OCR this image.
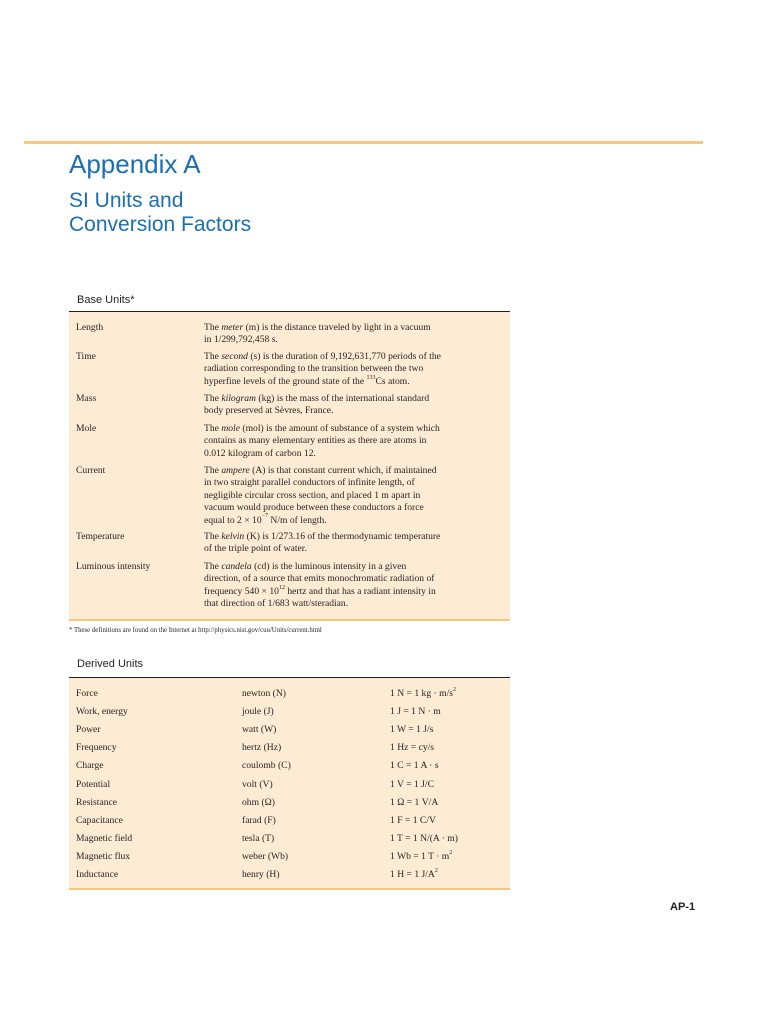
Appendix A
SI Units and
Conversion Factors
Base Units*
Length	The meter (m) is the distance traveled by light in a vacuum
in 1/299,792,458 s.
Time	The second (s) is the duration of 9,192,631,770 periods of the
radiation corresponding to the transition between the two
hyperfine levels of the ground state of the $^{133}$Cs atom.
Mass	The kilogram (kg) is the mass of the international standard
body preserved at Sèvres, France.
Mole	The mole (mol) is the amount of substance of a system which
contains as many elementary entities as there are atoms in
0.012 kilogram of carbon 12.
Current	The ampere (A) is that constant current which, if maintained
in two straight parallel conductors of infinite length, of
negligible circular cross section, and placed 1 m apart in
vacuum would produce between these conductors a force
equal to $2 \times 10^{-7}$ N/m of length.
Temperature	The kelvin (K) is 1/273.16 of the thermodynamic temperature
of the triple point of water.
Luminous intensity	The candela (cd) is the luminous intensity in a given
direction, of a source that emits monochromatic radiation of
frequency $540 \times 10^{12}$ hertz and that has a radiant intensity in
that direction of 1/683 watt/steradian.
* These definitions are found on the Internet at http://physics.nist.gov/cuu/Units/current.html
Derived Units
Force	newton (N)	1 N = 1 kg · $m/s^2$
Work, energy	joule (J)	1 J = 1 N · m
Power	watt (W)	1 W = 1 J/s
Frequency	hertz (Hz)	1 Hz = cy/s
Charge	coulomb (C)	1 C = 1 A · s
Potential	volt (V)	1 V = 1 J/C
Resistance	ohm (Ω)	1 Ω = 1 V/A
Capacitance	farad (F)	1 F = 1 C/V
Magnetic field	tesla (T)	1 T = 1 N/(A · m)
Magnetic flux	weber (Wb)	1 Wb = 1 $T \cdot m^2$
Inductance	henry (H)	1 H = 1 $J/A^2$
AP-1
